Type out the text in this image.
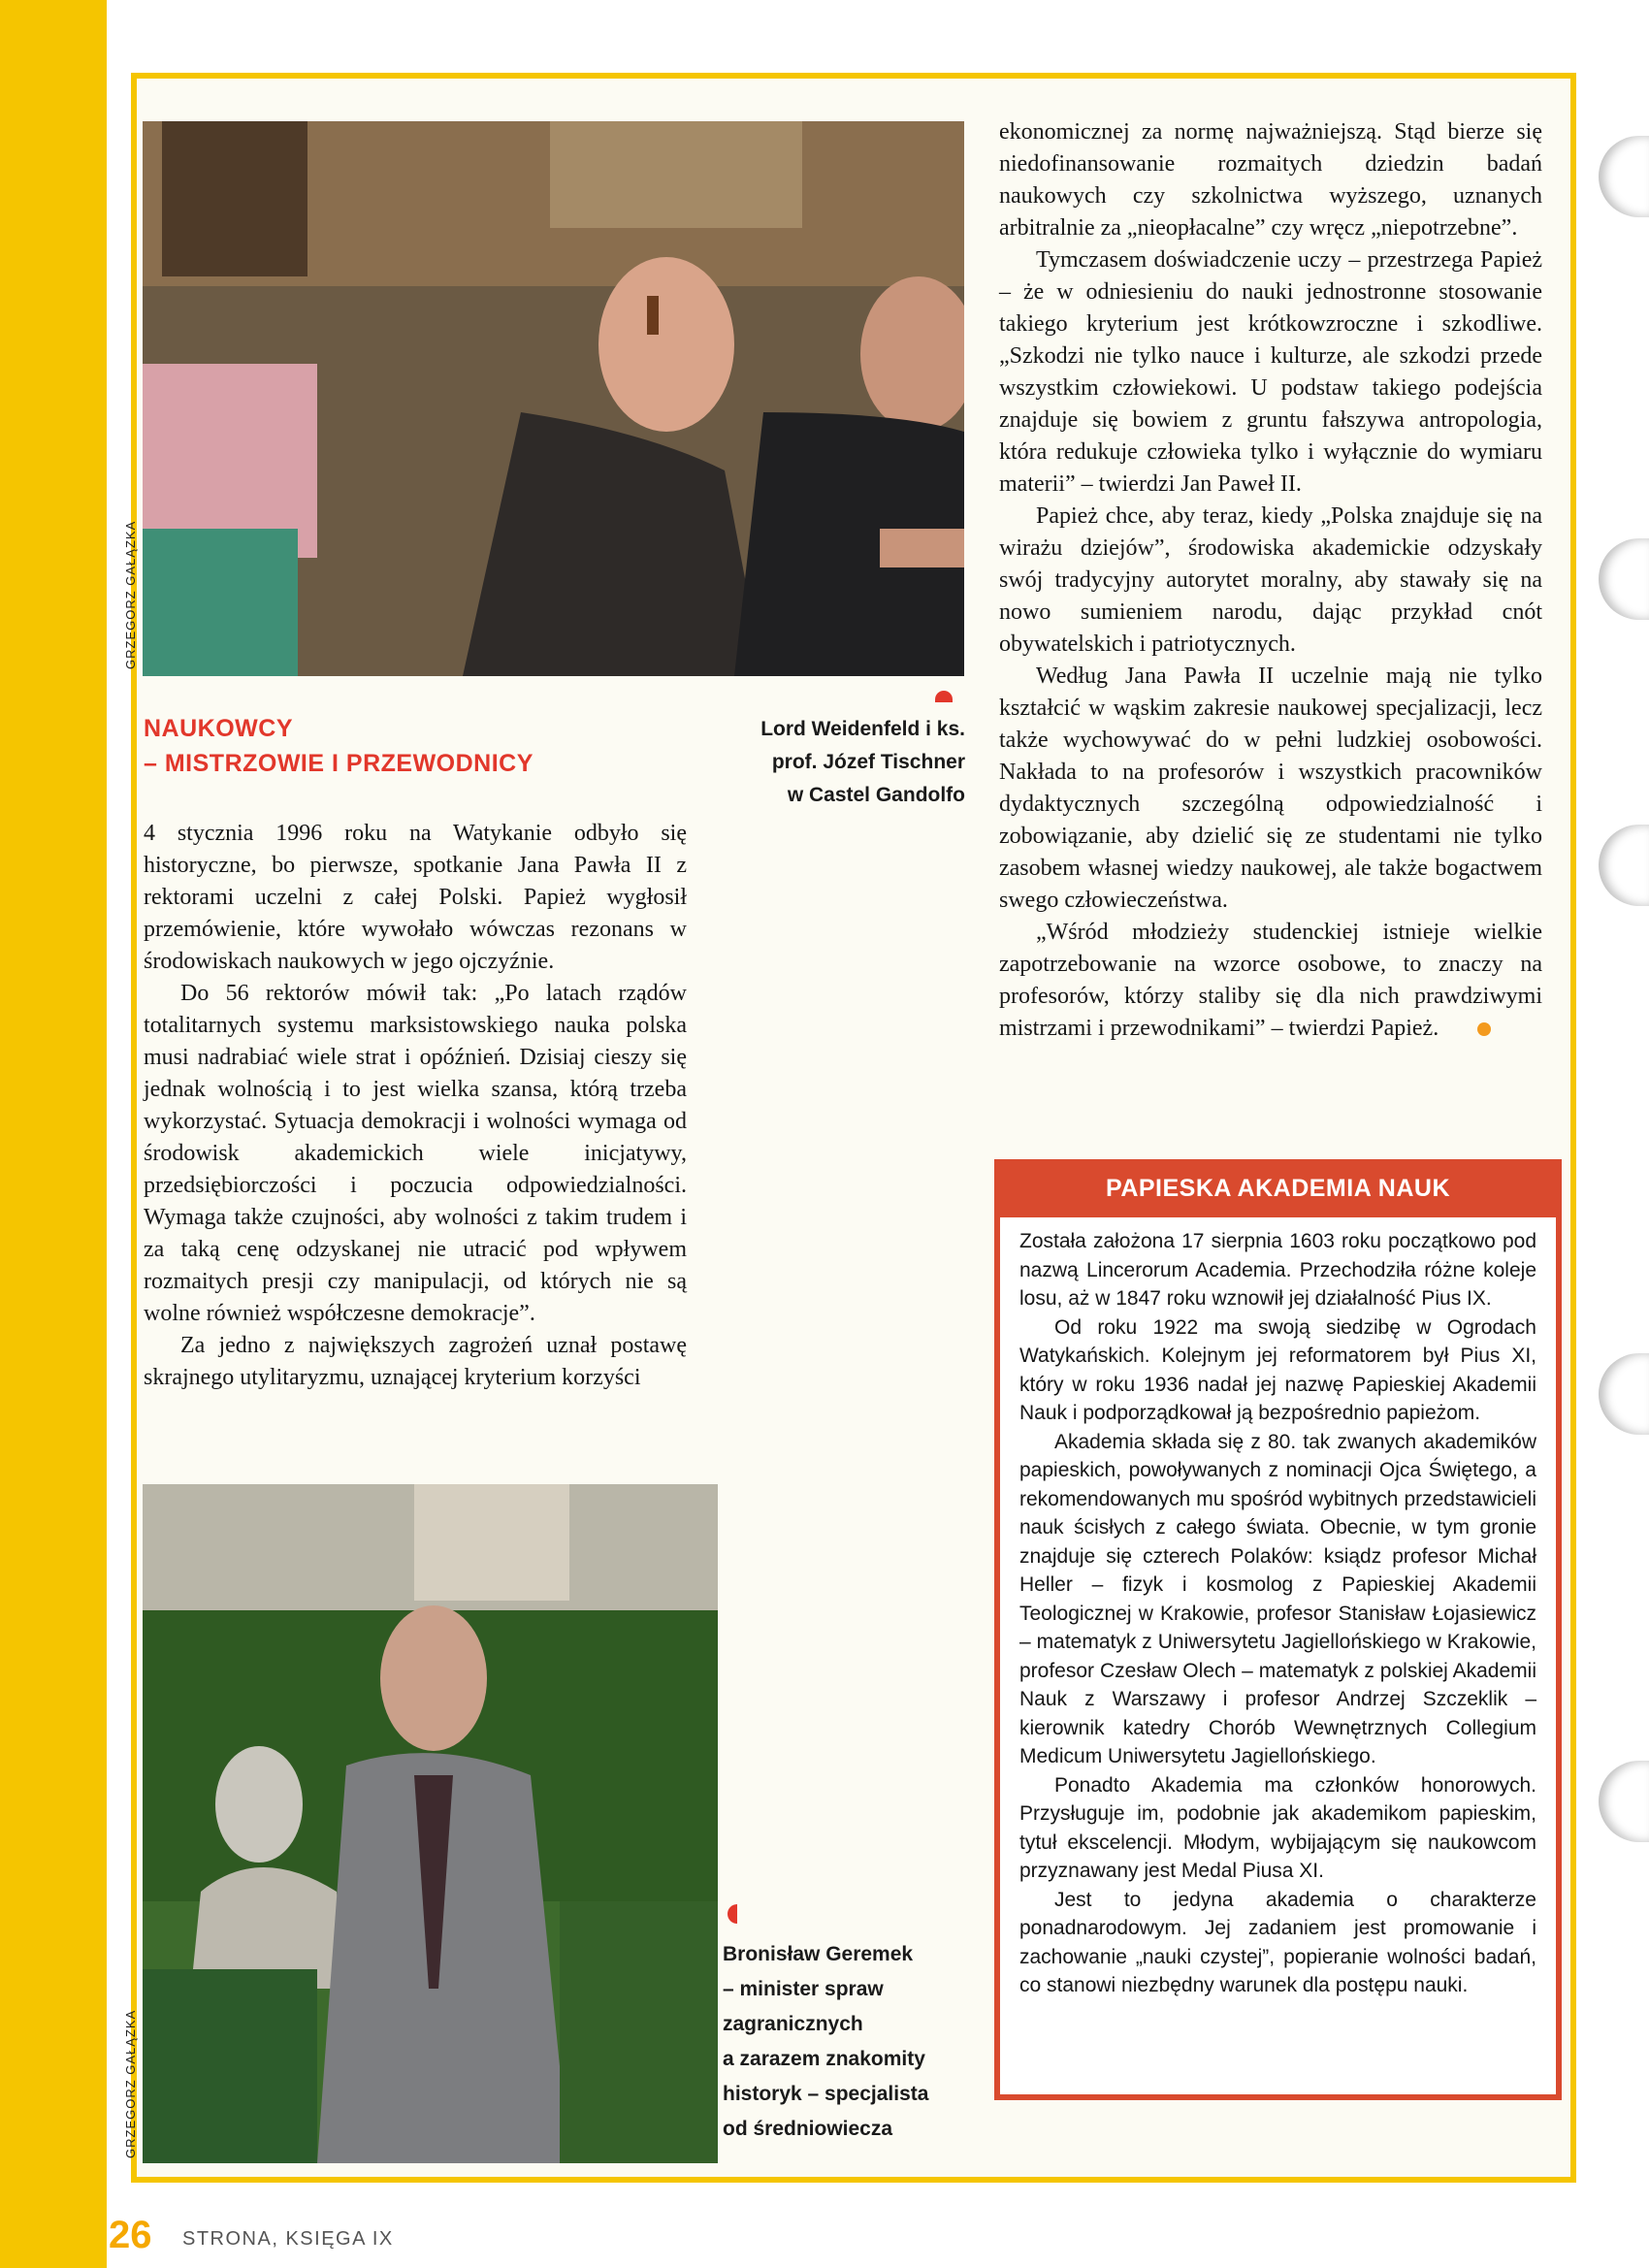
GRZEGORZ GAŁĄZKA
Lord Weidenfeld i ks.
prof. Józef Tischner
w Castel Gandolfo
NAUKOWCY
– MISTRZOWIE I PRZEWODNICY

4 stycznia 1996 roku na Watykanie odbyło się historyczne, bo pierwsze, spotkanie Jana Pawła II z rektorami uczelni z całej Polski. Papież wygłosił przemówienie, które wywołało wówczas rezonans w środowiskach naukowych w jego ojczyźnie.

Do 56 rektorów mówił tak: „Po latach rządów totalitarnych systemu marksistowskiego nauka polska musi nadrabiać wiele strat i opóźnień. Dzisiaj cieszy się jednak wolnością i to jest wielka szansa, którą trzeba wykorzystać. Sytuacja demokracji i wolności wymaga od środowisk akademickich wiele inicjatywy, przedsiębiorczości i poczucia odpowiedzialności. Wymaga także czujności, aby wolności z takim trudem i za taką cenę odzyskanej nie utracić pod wpływem rozmaitych presji czy manipulacji, od których nie są wolne również współczesne demokracje”.

Za jedno z największych zagrożeń uznał postawę skrajnego utylitaryzmu, uznającej kryterium korzyści

ekonomicznej za normę najważniejszą. Stąd bierze się niedofinansowanie rozmaitych dziedzin badań naukowych czy szkolnictwa wyższego, uznanych arbitralnie za „nieopłacalne” czy wręcz „niepotrzebne”.

Tymczasem doświadczenie uczy – przestrzega Papież – że w odniesieniu do nauki jednostronne stosowanie takiego kryterium jest krótkowzroczne i szkodliwe. „Szkodzi nie tylko nauce i kulturze, ale szkodzi przede wszystkim człowiekowi. U podstaw takiego podejścia znajduje się bowiem z gruntu fałszywa antropologia, która redukuje człowieka tylko i wyłącznie do wymiaru materii” – twierdzi Jan Paweł II.

Papież chce, aby teraz, kiedy „Polska znajduje się na wirażu dziejów”, środowiska akademickie odzyskały swój tradycyjny autorytet moralny, aby stawały się na nowo sumieniem narodu, dając przykład cnót obywatelskich i patriotycznych.

Według Jana Pawła II uczelnie mają nie tylko kształcić w wąskim zakresie naukowej specjalizacji, lecz także wychowywać do w pełni ludzkiej osobowości. Nakłada to na profesorów i wszystkich pracowników dydaktycznych szczególną odpowiedzialność i zobowiązanie, aby dzielić się ze studentami nie tylko zasobem własnej wiedzy naukowej, ale także bogactwem swego człowieczeństwa.

„Wśród młodzieży studenckiej istnieje wielkie zapotrzebowanie na wzorce osobowe, to znaczy na profesorów, którzy staliby się dla nich prawdziwymi mistrzami i przewodnikami” – twierdzi Papież.

GRZEGORZ GAŁĄZKA
Bronisław Geremek
– minister spraw
zagranicznych
a zarazem znakomity
historyk – specjalista
od średniowiecza
PAPIESKA AKADEMIA NAUK

Została założona 17 sierpnia 1603 roku początkowo pod nazwą Lincerorum Academia. Przechodziła różne koleje losu, aż w 1847 roku wznowił jej działalność Pius IX.

Od roku 1922 ma swoją siedzibę w Ogrodach Watykańskich. Kolejnym jej reformatorem był Pius XI, który w roku 1936 nadał jej nazwę Papieskiej Akademii Nauk i podporządkował ją bezpośrednio papieżom.

Akademia składa się z 80. tak zwanych akademików papieskich, powoływanych z nominacji Ojca Świętego, a rekomendowanych mu spośród wybitnych przedstawicieli nauk ścisłych z całego świata. Obecnie, w tym gronie znajduje się czterech Polaków: ksiądz profesor Michał Heller – fizyk i kosmolog z Papieskiej Akademii Teologicznej w Krakowie, profesor Stanisław Łojasiewicz – matematyk z Uniwersytetu Jagiellońskiego w Krakowie, profesor Czesław Olech – matematyk z polskiej Akademii Nauk z Warszawy i profesor Andrzej Szczeklik – kierownik katedry Chorób Wewnętrznych Collegium Medicum Uniwersytetu Jagiellońskiego.

Ponadto Akademia ma członków honorowych. Przysługuje im, podobnie jak akademikom papieskim, tytuł ekscelencji. Młodym, wybijającym się naukowcom przyznawany jest Medal Piusa XI.

Jest to jedyna akademia o charakterze ponadnarodowym. Jej zadaniem jest promowanie i zachowanie „nauki czystej”, popieranie wolności badań, co stanowi niezbędny warunek dla postępu nauki.

26 STRONA, KSIĘGA IX
